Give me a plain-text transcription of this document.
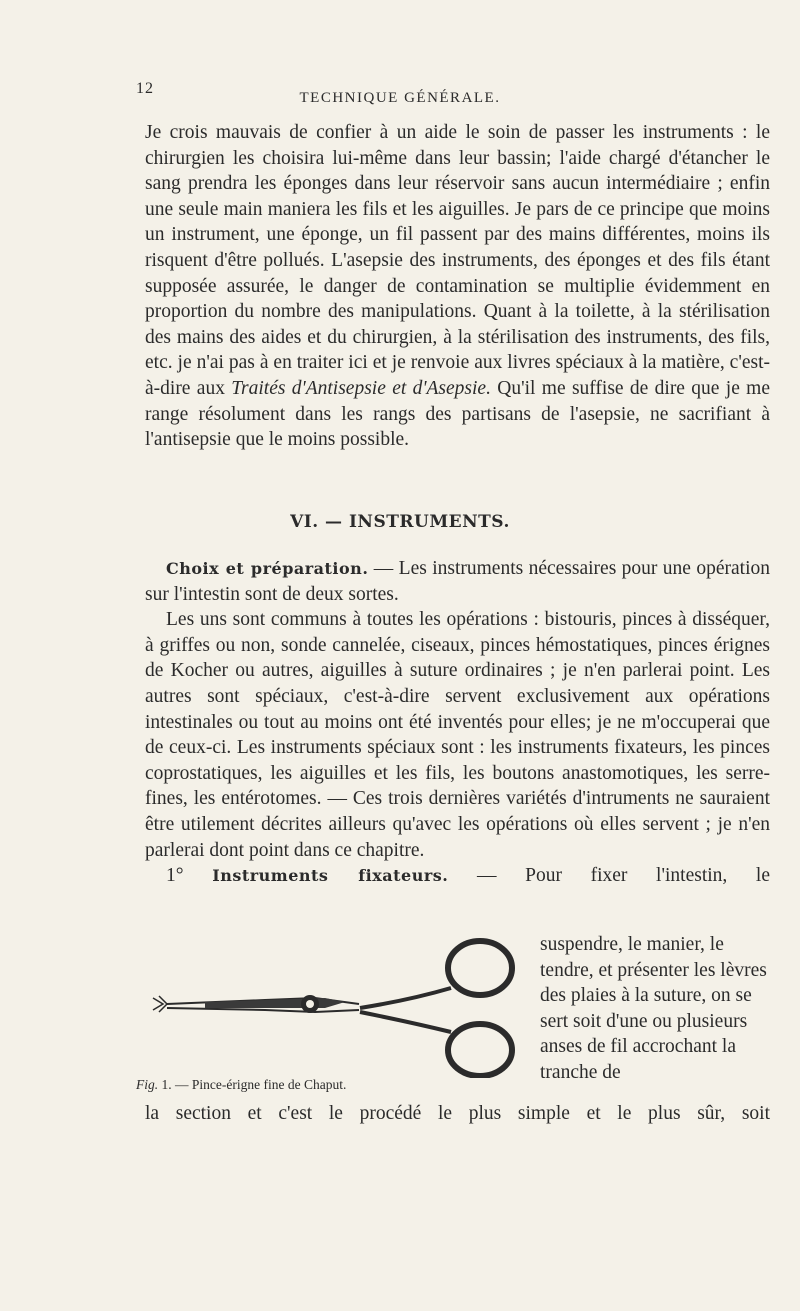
12
TECHNIQUE GÉNÉRALE.

Je crois mauvais de confier à un aide le soin de passer les instruments : le chirurgien les choisira lui-même dans leur bassin; l'aide chargé d'étancher le sang prendra les éponges dans leur réservoir sans aucun intermédiaire ; enfin une seule main maniera les fils et les aiguilles. Je pars de ce principe que moins un instrument, une éponge, un fil passent par des mains différentes, moins ils risquent d'être pollués. L'asepsie des instruments, des éponges et des fils étant supposée assurée, le danger de contamination se multiplie évidemment en proportion du nombre des manipulations. Quant à la toilette, à la stérilisation des mains des aides et du chirurgien, à la stérilisation des instruments, des fils, etc. je n'ai pas à en traiter ici et je renvoie aux livres spéciaux à la matière, c'est-à-dire aux Traités d'Antisepsie et d'Asepsie. Qu'il me suffise de dire que je me range résolument dans les rangs des partisans de l'asepsie, ne sacrifiant à l'antisepsie que le moins possible.

VI. — INSTRUMENTS.

Choix et préparation. — Les instruments nécessaires pour une opération sur l'intestin sont de deux sortes.

Les uns sont communs à toutes les opérations : bistouris, pinces à disséquer, à griffes ou non, sonde cannelée, ciseaux, pinces hémostatiques, pinces érignes de Kocher ou autres, aiguilles à suture ordinaires ; je n'en parlerai point. Les autres sont spéciaux, c'est-à-dire servent exclusivement aux opérations intestinales ou tout au moins ont été inventés pour elles; je ne m'occuperai que de ceux-ci. Les instruments spéciaux sont : les instruments fixateurs, les pinces coprostatiques, les aiguilles et les fils, les boutons anastomotiques, les serre-fines, les entérotomes. — Ces trois dernières variétés d'intruments ne sauraient être utilement décrites ailleurs qu'avec les opérations où elles servent ; je n'en parlerai dont point dans ce chapitre.

1° Instruments fixateurs. — Pour fixer l'intestin, le

suspendre, le manier, le tendre, et présenter les lèvres des plaies à la suture, on se sert soit d'une ou plusieurs anses de fil accrochant la tranche de
Fig. 1. — Pince-érigne fine de Chaput.
la section et c'est le procédé le plus simple et le plus sûr, soit
